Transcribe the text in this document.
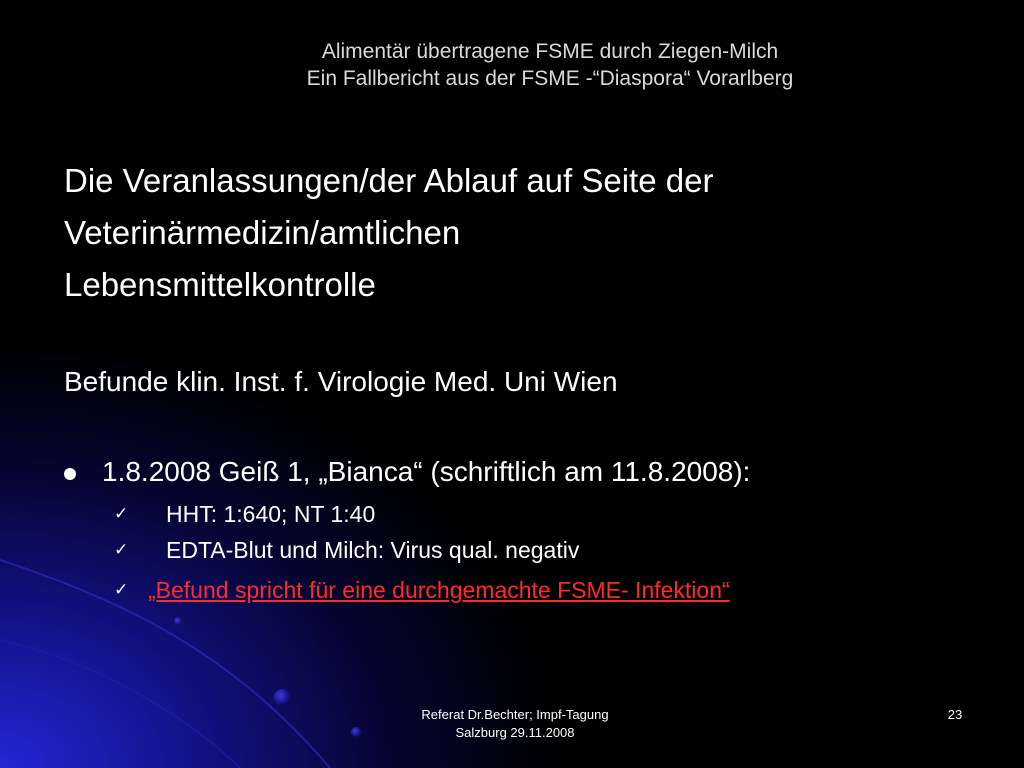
Alimentär übertragene FSME durch Ziegen-Milch
Ein Fallbericht aus der FSME -“Diaspora“ Vorarlberg
Die Veranlassungen/der Ablauf auf Seite der
Veterinärmedizin/amtlichen
Lebensmittelkontrolle
Befunde klin. Inst. f. Virologie Med. Uni Wien
1.8.2008 Geiß 1, „Bianca“ (schriftlich am 11.8.2008):
✓ HHT: 1:640; NT 1:40
✓ EDTA-Blut und Milch: Virus qual. negativ
✓ „Befund spricht für eine durchgemachte FSME- Infektion“
Referat Dr.Bechter; Impf-Tagung
Salzburg 29.11.2008
23
